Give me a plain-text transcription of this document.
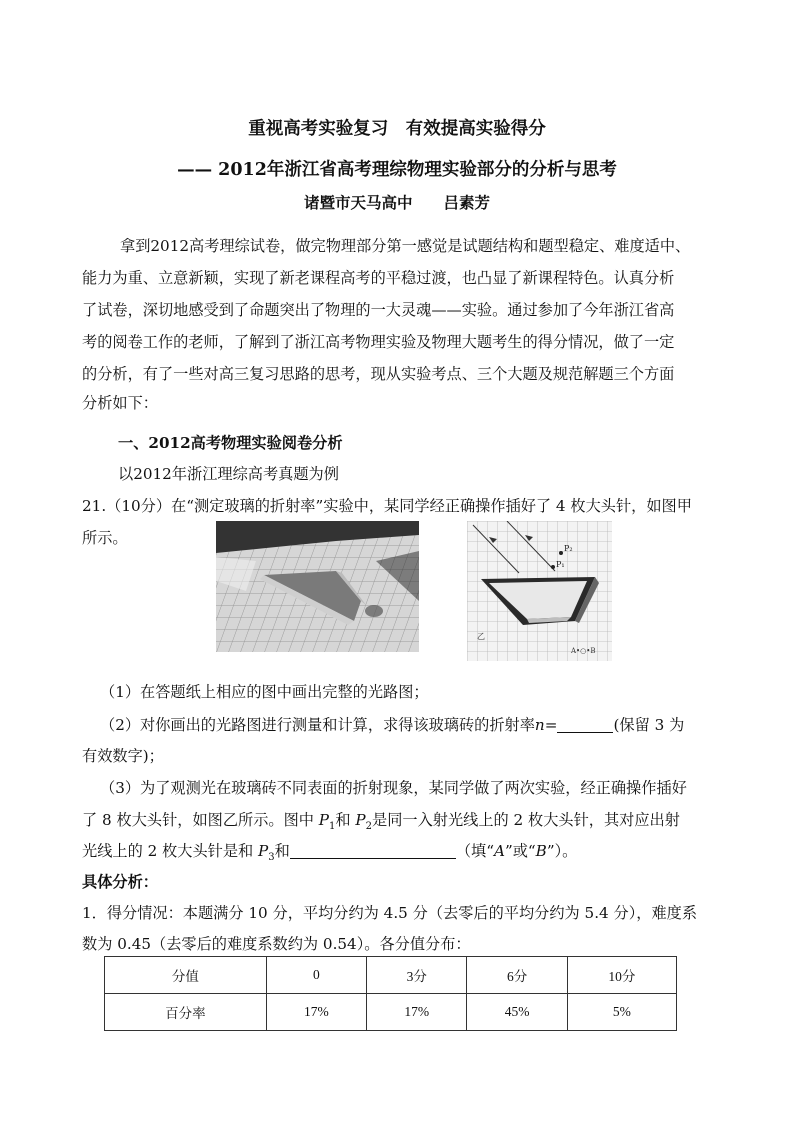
重视高考实验复习　有效提高实验得分
—— 2012年浙江省高考理综物理实验部分的分析与思考
诸暨市天马高中　　吕素芳
拿到2012高考理综试卷，做完物理部分第一感觉是试题结构和题型稳定、难度适中、
能力为重、立意新颖，实现了新老课程高考的平稳过渡，也凸显了新课程特色。认真分析
了试卷，深切地感受到了命题突出了物理的一大灵魂——实验。通过参加了今年浙江省高
考的阅卷工作的老师，了解到了浙江高考物理实验及物理大题考生的得分情况，做了一定
的分析，有了一些对高三复习思路的思考，现从实验考点、三个大题及规范解题三个方面
分析如下：
一、2012高考物理实验阅卷分析
以2012年浙江理综高考真题为例
21.（10分）在“测定玻璃的折射率”实验中，某同学经正确操作插好了 4 枚大头针，如图甲
所示。
P₂
P₁
乙
A•○•B
（1）在答题纸上相应的图中画出完整的光路图；
（2）对你画出的光路图进行测量和计算，求得该玻璃砖的折射率n=	(保留 3 为
有效数字)；
（3）为了观测光在玻璃砖不同表面的折射现象，某同学做了两次实验，经正确操作插好
了 8 枚大头针，如图乙所示。图中 $P_1$和 $P_2$是同一入射光线上的 2 枚大头针，其对应出射
光线上的 2 枚大头针是和 $P_3$和	（填“A”或“B”）。
具体分析：
1．得分情况：本题满分 10 分，平均分约为 4.5 分（去零后的平均分约为 5.4 分），难度系
数为 0.45（去零后的难度系数约为 0.54）。各分值分布：
分值	0	3分	6分	10分
百分率	17%	17%	45%	5%
